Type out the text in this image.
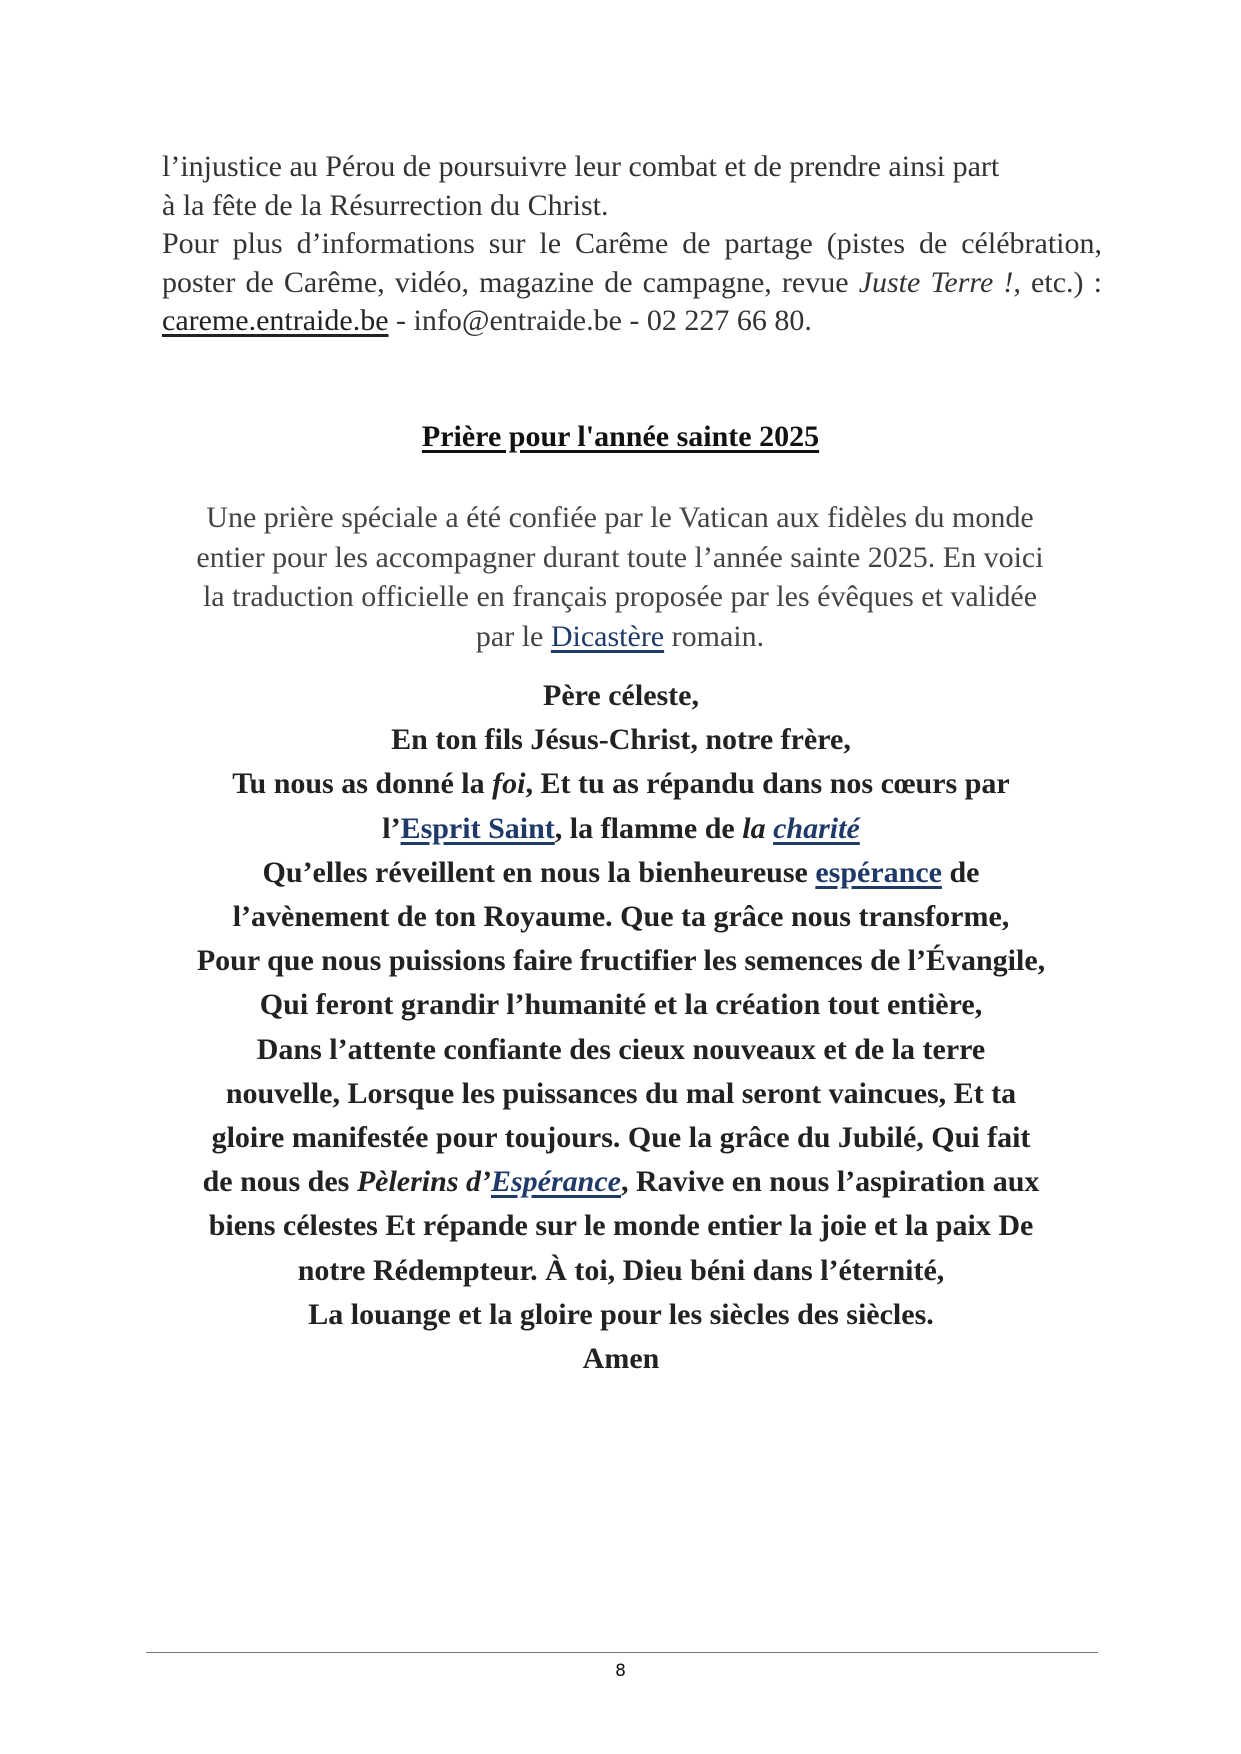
l’injustice au Pérou de poursuivre leur combat et de prendre ainsi part
à la fête de la Résurrection du Christ.

Pour plus d’informations sur le Carême de partage (pistes de célébration, poster de Carême, vidéo, magazine de campagne, revue Juste Terre !, etc.) : careme.entraide.be - info@entraide.be - 02 227 66 80.

Prière pour l'année sainte 2025
Une prière spéciale a été confiée par le Vatican aux fidèles du monde
entier pour les accompagner durant toute l’année sainte 2025. En voici
la traduction officielle en français proposée par les évêques et validée
par le Dicastère romain.
Père céleste,
En ton fils Jésus-Christ, notre frère,
Tu nous as donné la foi, Et tu as répandu dans nos cœurs par
l’Esprit Saint, la flamme de la charité
Qu’elles réveillent en nous la bienheureuse espérance de
l’avènement de ton Royaume. Que ta grâce nous transforme,
Pour que nous puissions faire fructifier les semences de l’Évangile,
Qui feront grandir l’humanité et la création tout entière,
Dans l’attente confiante des cieux nouveaux et de la terre
nouvelle, Lorsque les puissances du mal seront vaincues, Et ta
gloire manifestée pour toujours. Que la grâce du Jubilé, Qui fait
de nous des Pèlerins d’Espérance, Ravive en nous l’aspiration aux
biens célestes Et répande sur le monde entier la joie et la paix De
notre Rédempteur. À toi, Dieu béni dans l’éternité,
La louange et la gloire pour les siècles des siècles.
Amen
8
